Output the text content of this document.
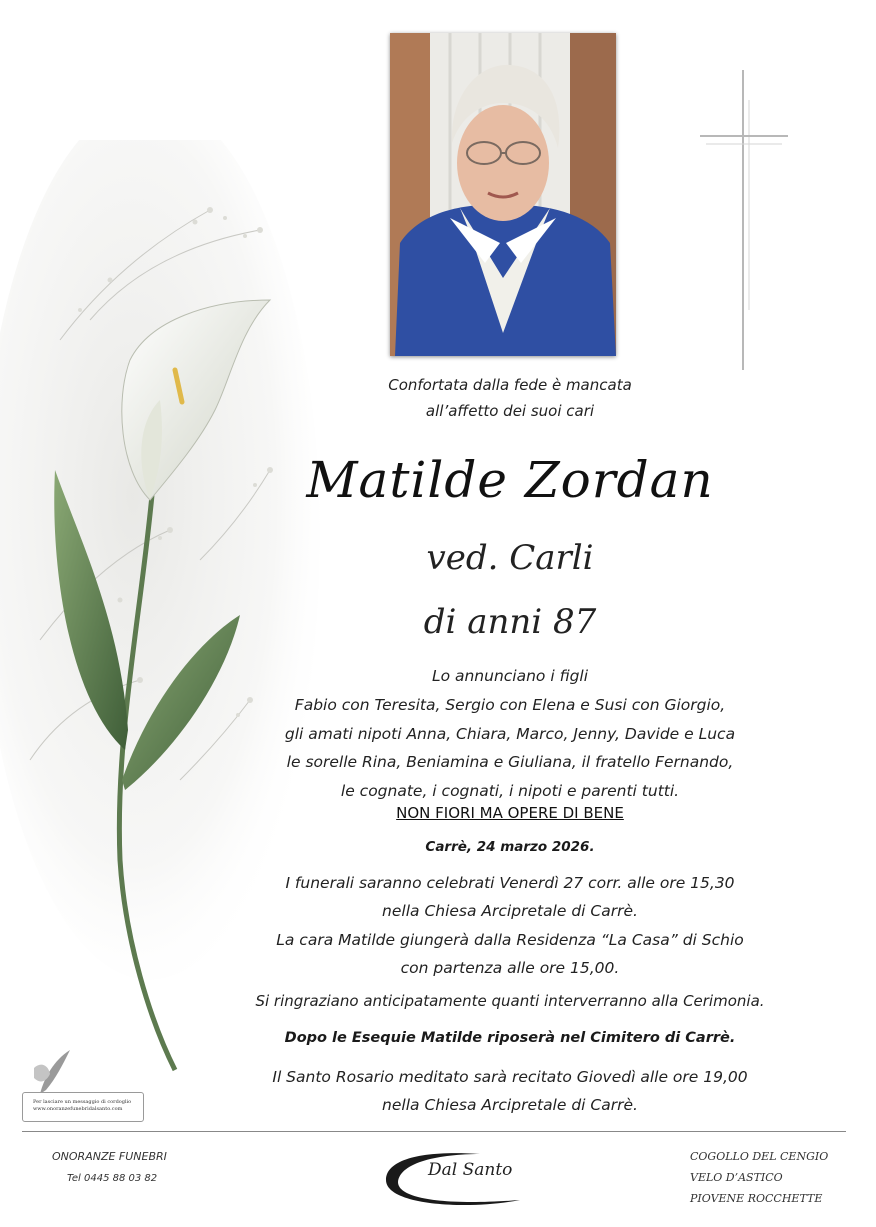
Confortata dalla fede è mancata
all’affetto dei suoi cari
Matilde Zordan
ved. Carli
di anni 87
Lo annunciano i figli
Fabio con Teresita, Sergio con Elena e Susi con Giorgio,
gli amati nipoti Anna, Chiara, Marco, Jenny, Davide e Luca
le sorelle Rina, Beniamina e Giuliana, il fratello Fernando,
le cognate, i cognati, i nipoti e parenti tutti.
NON FIORI MA OPERE DI BENE
Carrè, 24 marzo 2026.
I funerali saranno celebrati Venerdì 27 corr. alle ore 15,30
nella Chiesa Arcipretale di Carrè.
La cara Matilde giungerà dalla Residenza “La Casa” di Schio
con partenza alle ore 15,00.
Si ringraziano anticipatamente quanti interverranno alla Cerimonia.
Dopo le Esequie Matilde riposerà nel Cimitero di Carrè.
Il Santo Rosario meditato sarà recitato Giovedì alle ore 19,00
nella Chiesa Arcipretale di Carrè.
Per lasciare un messaggio di cordoglio
www.onoranzefunebridalsanto.com
ONORANZE FUNEBRI
Tel 0445 88 03 82	Dal Santo
COGOLLO DEL CENGIO
VELO D’ASTICO
PIOVENE ROCCHETTE
